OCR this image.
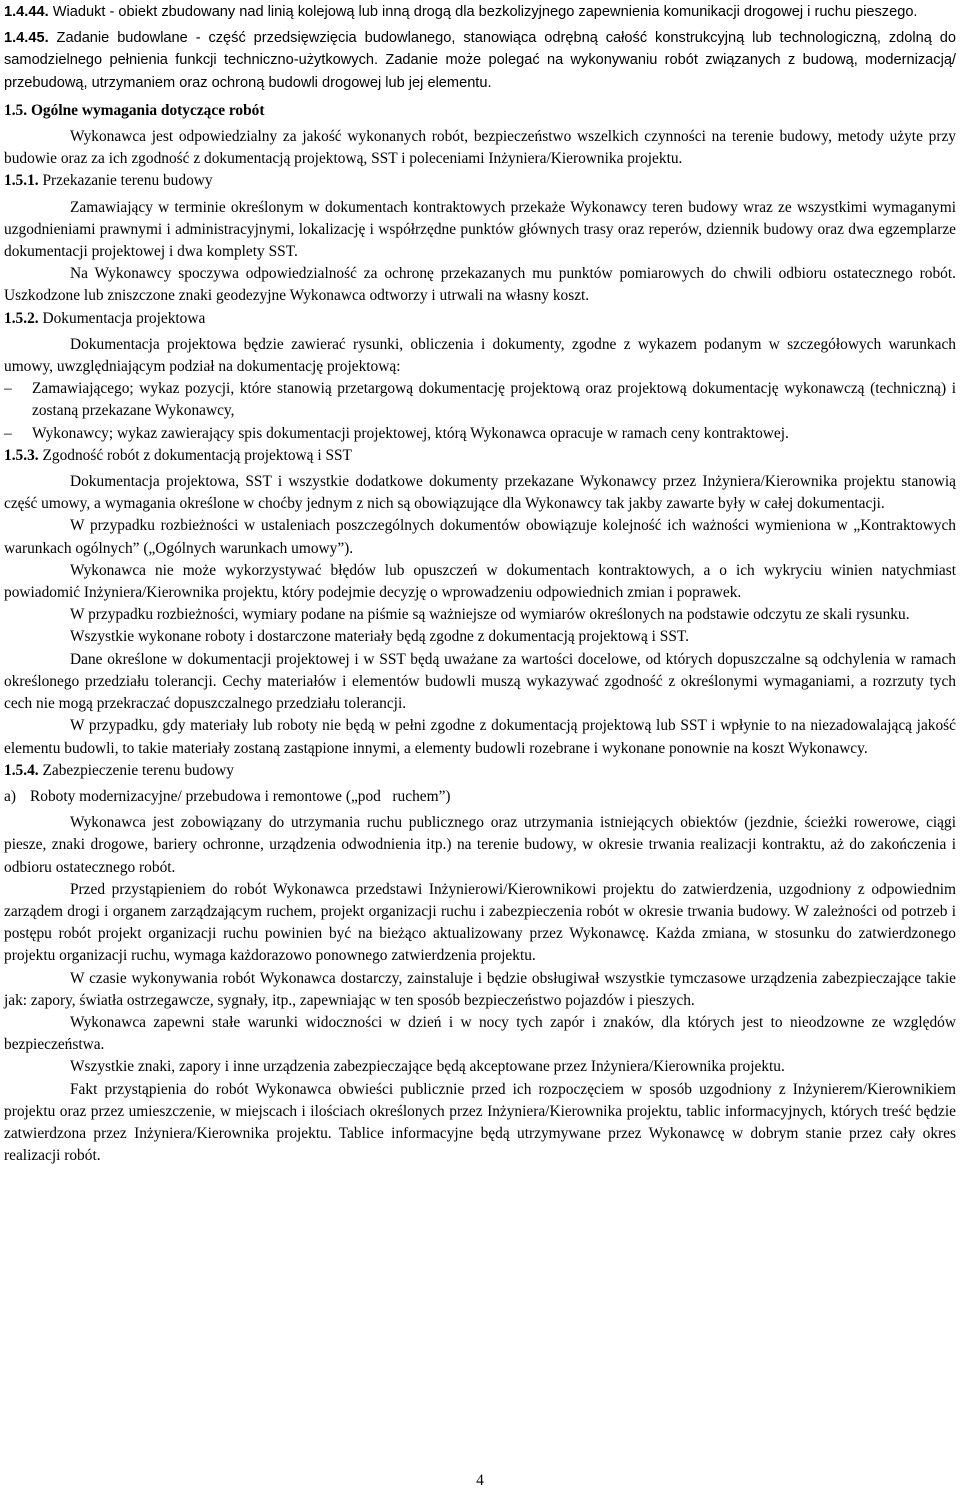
1.4.44. Wiadukt - obiekt zbudowany nad linią kolejową lub inną drogą dla bezkolizyjnego zapewnienia komunikacji drogowej i ruchu pieszego.

1.4.45. Zadanie budowlane - część przedsięwzięcia budowlanego, stanowiąca odrębną całość konstrukcyjną lub technologiczną, zdolną do samodzielnego pełnienia funkcji techniczno-użytkowych. Zadanie może polegać na wykonywaniu robót związanych z budową, modernizacją/ przebudową, utrzymaniem oraz ochroną budowli drogowej lub jej elementu.

1.5. Ogólne wymagania dotyczące robót

Wykonawca jest odpowiedzialny za jakość wykonanych robót, bezpieczeństwo wszelkich czynności na terenie budowy, metody użyte przy budowie oraz za ich zgodność z dokumentacją projektową, SST i poleceniami Inżyniera/Kierownika projektu.

1.5.1. Przekazanie terenu budowy

Zamawiający w terminie określonym w dokumentach kontraktowych przekaże Wykonawcy teren budowy wraz ze wszystkimi wymaganymi uzgodnieniami prawnymi i administracyjnymi, lokalizację i współrzędne punktów głównych trasy oraz reperów, dziennik budowy oraz dwa egzemplarze dokumentacji projektowej i dwa komplety SST.

Na Wykonawcy spoczywa odpowiedzialność za ochronę przekazanych mu punktów pomiarowych do chwili odbioru ostatecznego robót. Uszkodzone lub zniszczone znaki geodezyjne Wykonawca odtworzy i utrwali na własny koszt.

1.5.2. Dokumentacja projektowa

Dokumentacja projektowa będzie zawierać rysunki, obliczenia i dokumenty, zgodne z wykazem podanym w szczegółowych warunkach umowy, uwzględniającym podział na dokumentację projektową:

– Zamawiającego; wykaz pozycji, które stanowią przetargową dokumentację projektową oraz projektową dokumentację wykonawczą (techniczną) i zostaną przekazane Wykonawcy,
– Wykonawcy; wykaz zawierający spis dokumentacji projektowej, którą Wykonawca opracuje w ramach ceny kontraktowej.

1.5.3. Zgodność robót z dokumentacją projektową i SST

Dokumentacja projektowa, SST i wszystkie dodatkowe dokumenty przekazane Wykonawcy przez Inżyniera/Kierownika projektu stanowią część umowy, a wymagania określone w choćby jednym z nich są obowiązujące dla Wykonawcy tak jakby zawarte były w całej dokumentacji.

W przypadku rozbieżności w ustaleniach poszczególnych dokumentów obowiązuje kolejność ich ważności wymieniona w „Kontraktowych warunkach ogólnych” („Ogólnych warunkach umowy”).

Wykonawca nie może wykorzystywać błędów lub opuszczeń w dokumentach kontraktowych, a o ich wykryciu winien natychmiast powiadomić Inżyniera/Kierownika projektu, który podejmie decyzję o wprowadzeniu odpowiednich zmian i poprawek.

W przypadku rozbieżności, wymiary podane na piśmie są ważniejsze od wymiarów określonych na podstawie odczytu ze skali rysunku.

Wszystkie wykonane roboty i dostarczone materiały będą zgodne z dokumentacją projektową i SST.

Dane określone w dokumentacji projektowej i w SST będą uważane za wartości docelowe, od których dopuszczalne są odchylenia w ramach określonego przedziału tolerancji. Cechy materiałów i elementów budowli muszą wykazywać zgodność z określonymi wymaganiami, a rozrzuty tych cech nie mogą przekraczać dopuszczalnego przedziału tolerancji.

W przypadku, gdy materiały lub roboty nie będą w pełni zgodne z dokumentacją projektową lub SST i wpłynie to na niezadowalającą jakość elementu budowli, to takie materiały zostaną zastąpione innymi, a elementy budowli rozebrane i wykonane ponownie na koszt Wykonawcy.

1.5.4. Zabezpieczenie terenu budowy

a) Roboty modernizacyjne/ przebudowa i remontowe („pod   ruchem”)

Wykonawca jest zobowiązany do utrzymania ruchu publicznego oraz utrzymania istniejących obiektów (jezdnie, ścieżki rowerowe, ciągi piesze, znaki drogowe, bariery ochronne, urządzenia odwodnienia itp.) na terenie budowy, w okresie trwania realizacji kontraktu, aż do zakończenia i odbioru ostatecznego robót.

Przed przystąpieniem do robót Wykonawca przedstawi Inżynierowi/Kierownikowi projektu do zatwierdzenia, uzgodniony z odpowiednim zarządem drogi i organem zarządzającym ruchem, projekt organizacji ruchu i zabezpieczenia robót w okresie trwania budowy. W zależności od potrzeb i postępu robót projekt organizacji ruchu powinien być na bieżąco aktualizowany przez Wykonawcę. Każda zmiana, w stosunku do zatwierdzonego projektu organizacji ruchu, wymaga każdorazowo ponownego zatwierdzenia projektu.

W czasie wykonywania robót Wykonawca dostarczy, zainstaluje i będzie obsługiwał wszystkie tymczasowe urządzenia zabezpieczające takie jak: zapory, światła ostrzegawcze, sygnały, itp., zapewniając w ten sposób bezpieczeństwo pojazdów i pieszych.

Wykonawca zapewni stałe warunki widoczności w dzień i w nocy tych zapór i znaków, dla których jest to nieodzowne ze względów bezpieczeństwa.

Wszystkie znaki, zapory i inne urządzenia zabezpieczające będą akceptowane przez Inżyniera/Kierownika projektu.

Fakt przystąpienia do robót Wykonawca obwieści publicznie przed ich rozpoczęciem w sposób uzgodniony z Inżynierem/Kierownikiem projektu oraz przez umieszczenie, w miejscach i ilościach określonych przez Inżyniera/Kierownika projektu, tablic informacyjnych, których treść będzie zatwierdzona przez Inżyniera/Kierownika projektu. Tablice informacyjne będą utrzymywane przez Wykonawcę w dobrym stanie przez cały okres realizacji robót.

4
